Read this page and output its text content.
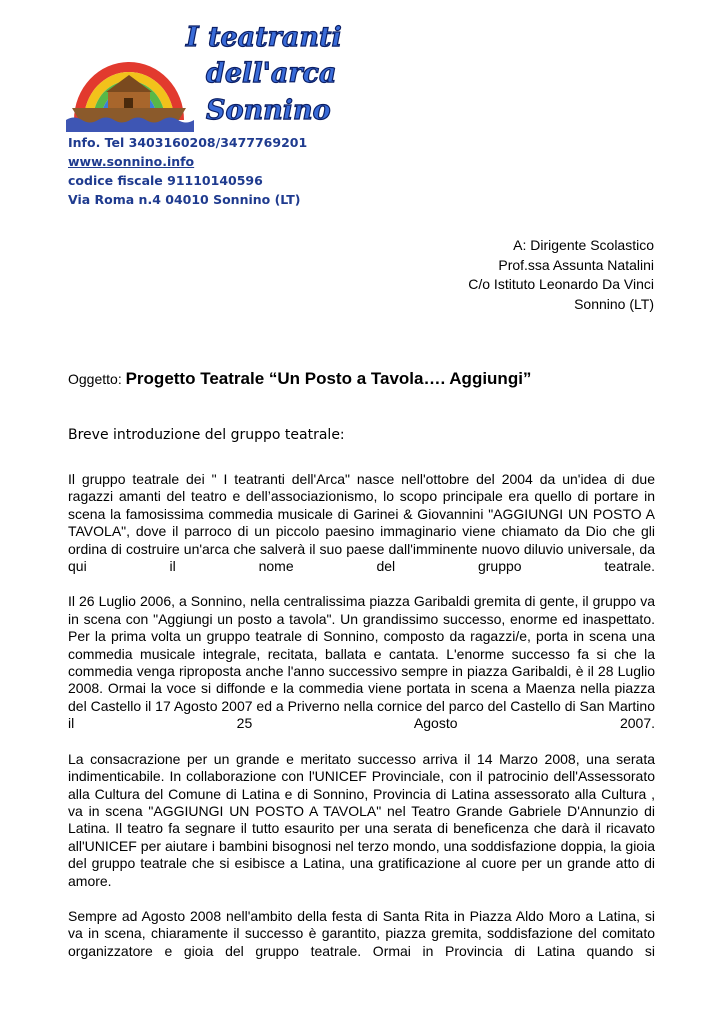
I teatranti
dell'arca
Sonnino
Info. Tel 3403160208/3477769201
www.sonnino.info
codice fiscale 91110140596
Via Roma n.4 04010 Sonnino (LT)
A: Dirigente Scolastico
Prof.ssa Assunta Natalini
C/o Istituto Leonardo Da Vinci
Sonnino (LT)
Oggetto: Progetto Teatrale “Un Posto a Tavola…. Aggiungi”
Breve introduzione del gruppo teatrale:

Il gruppo teatrale dei " I teatranti dell'Arca" nasce nell'ottobre del 2004 da un'idea di due ragazzi amanti del teatro e dell’associazionismo, lo scopo principale era quello di portare in scena la famosissima commedia musicale di Garinei & Giovannini "AGGIUNGI UN POSTO A TAVOLA", dove il parroco di un piccolo paesino immaginario viene chiamato da Dio che gli ordina di costruire un'arca che salverà il suo paese dall'imminente nuovo diluvio universale, da qui il nome del gruppo teatrale.

Il 26 Luglio 2006, a Sonnino, nella centralissima piazza Garibaldi gremita di gente, il gruppo va in scena con "Aggiungi un posto a tavola". Un grandissimo successo, enorme ed inaspettato. Per la prima volta un gruppo teatrale di Sonnino, composto da ragazzi/e, porta in scena una commedia musicale integrale, recitata, ballata e cantata. L'enorme successo fa si che la commedia venga riproposta anche l'anno successivo sempre in piazza Garibaldi, è il 28 Luglio 2008. Ormai la voce si diffonde e la commedia viene portata in scena a Maenza nella piazza del Castello il 17 Agosto 2007 ed a Priverno nella cornice del parco del Castello di San Martino il 25 Agosto 2007.

La consacrazione per un grande e meritato successo arriva il 14 Marzo 2008, una serata indimenticabile. In collaborazione con l'UNICEF Provinciale, con il patrocinio dell'Assessorato alla Cultura del Comune di Latina e di Sonnino, Provincia di Latina assessorato alla Cultura , va in scena "AGGIUNGI UN POSTO A TAVOLA" nel Teatro Grande Gabriele D'Annunzio di Latina. Il teatro fa segnare il tutto esaurito per una serata di beneficenza che darà il ricavato all'UNICEF per aiutare i bambini bisognosi nel terzo mondo, una soddisfazione doppia, la gioia del gruppo teatrale che si esibisce a Latina, una gratificazione al cuore per un grande atto di amore.

Sempre ad Agosto 2008 nell'ambito della festa di Santa Rita in Piazza Aldo Moro a Latina, si va in scena, chiaramente il successo è garantito, piazza gremita, soddisfazione del comitato organizzatore e gioia del gruppo teatrale. Ormai in Provincia di Latina quando si
